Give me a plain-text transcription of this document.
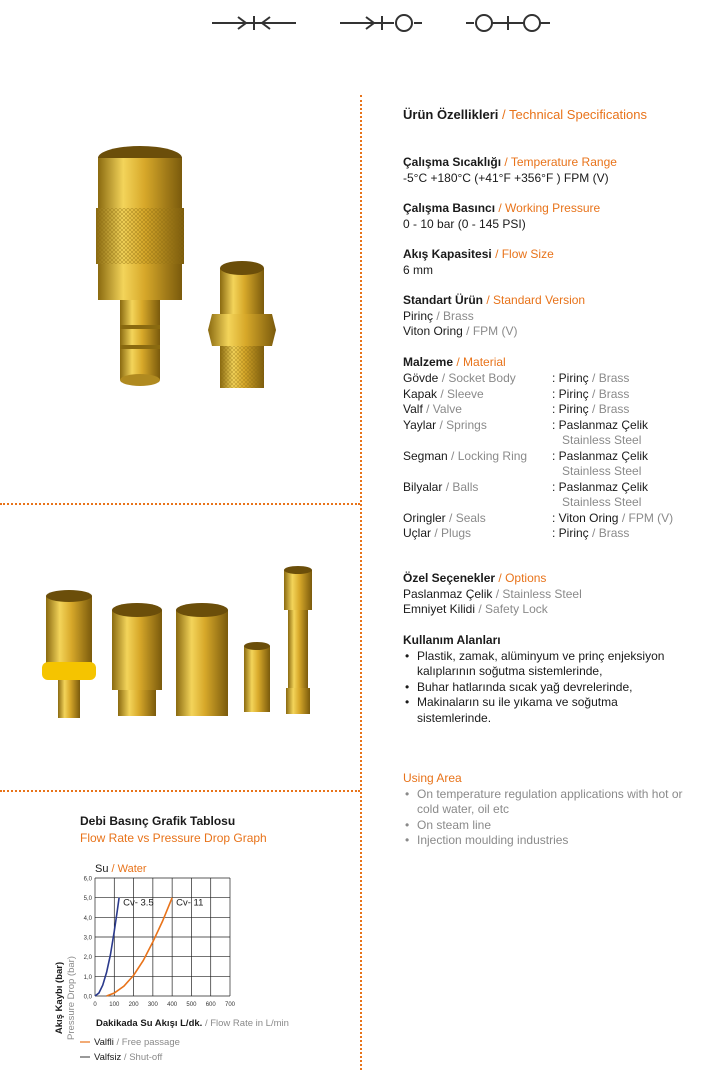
Ürün Özellikleri / Technical Specifications
Çalışma Sıcaklığı / Temperature Range
-5°C +180°C (+41°F +356°F ) FPM (V)
Çalışma Basıncı / Working Pressure
0 - 10 bar (0 - 145 PSI)
Akış Kapasitesi / Flow Size
6 mm
Standart Ürün / Standard Version
Pirinç / Brass
Viton Oring / FPM (V)
Malzeme / Material
Gövde / Socket Body	: Pirinç / Brass
Kapak / Sleeve	: Pirinç / Brass
Valf / Valve	: Pirinç / Brass
Yaylar / Springs	: Paslanmaz Çelik
Stainless Steel
Segman / Locking Ring : Paslanmaz Çelik
Stainless Steel
Bilyalar / Balls	: Paslanmaz Çelik
Stainless Steel
Oringler / Seals	: Viton Oring / FPM (V)
Uçlar / Plugs	: Pirinç / Brass
Özel Seçenekler / Options
Paslanmaz Çelik / Stainless Steel
Emniyet Kilidi / Safety Lock
Kullanım Alanları
• Plastik, zamak, alüminyum ve prinç enjeksiyon kalıplarının soğutma sistemlerinde,
• Buhar hatlarında sıcak yağ devrelerinde,
• Makinaların su ile yıkama ve soğutma sistemlerinde.
Using Area
• On temperature regulation applications with hot or cold water, oil etc
• On steam line
• Injection moulding industries
Debi Basınç Grafik Tablosu
Flow Rate vs Pressure Drop Graph
Su / Water
0,0
1,0
2,0
3,0
4,0
5,0
6,0
0 100 200 300 400 500 600 700
Cv- 3.5 Cv- 11
Akış Kaybı (bar) Pressure Drop (bar) Dakikada Su Akışı L/dk. / Flow Rate in L/min
Valfli / Free passage
Valfsiz / Shut-off
